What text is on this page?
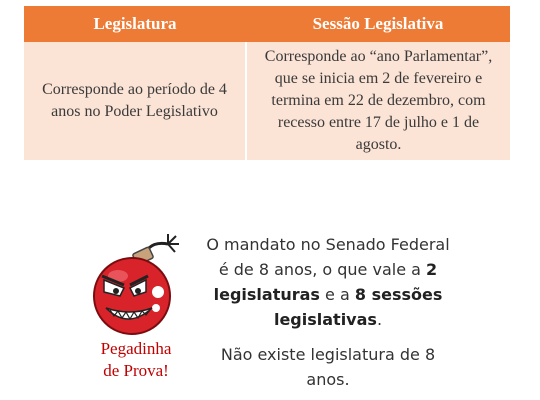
Legislatura	Sessão Legislativa
Corresponde ao período de 4 anos no Poder Legislativo	Corresponde ao “ano Parlamentar”, que se inicia em 2 de fevereiro e termina em 22 de dezembro, com recesso entre 17 de julho e 1 de agosto.
Pegadinha
de Prova!

O mandato no Senado Federal é de 8 anos, o que vale a 2 legislaturas e a 8 sessões legislativas.

Não existe legislatura de 8 anos.
